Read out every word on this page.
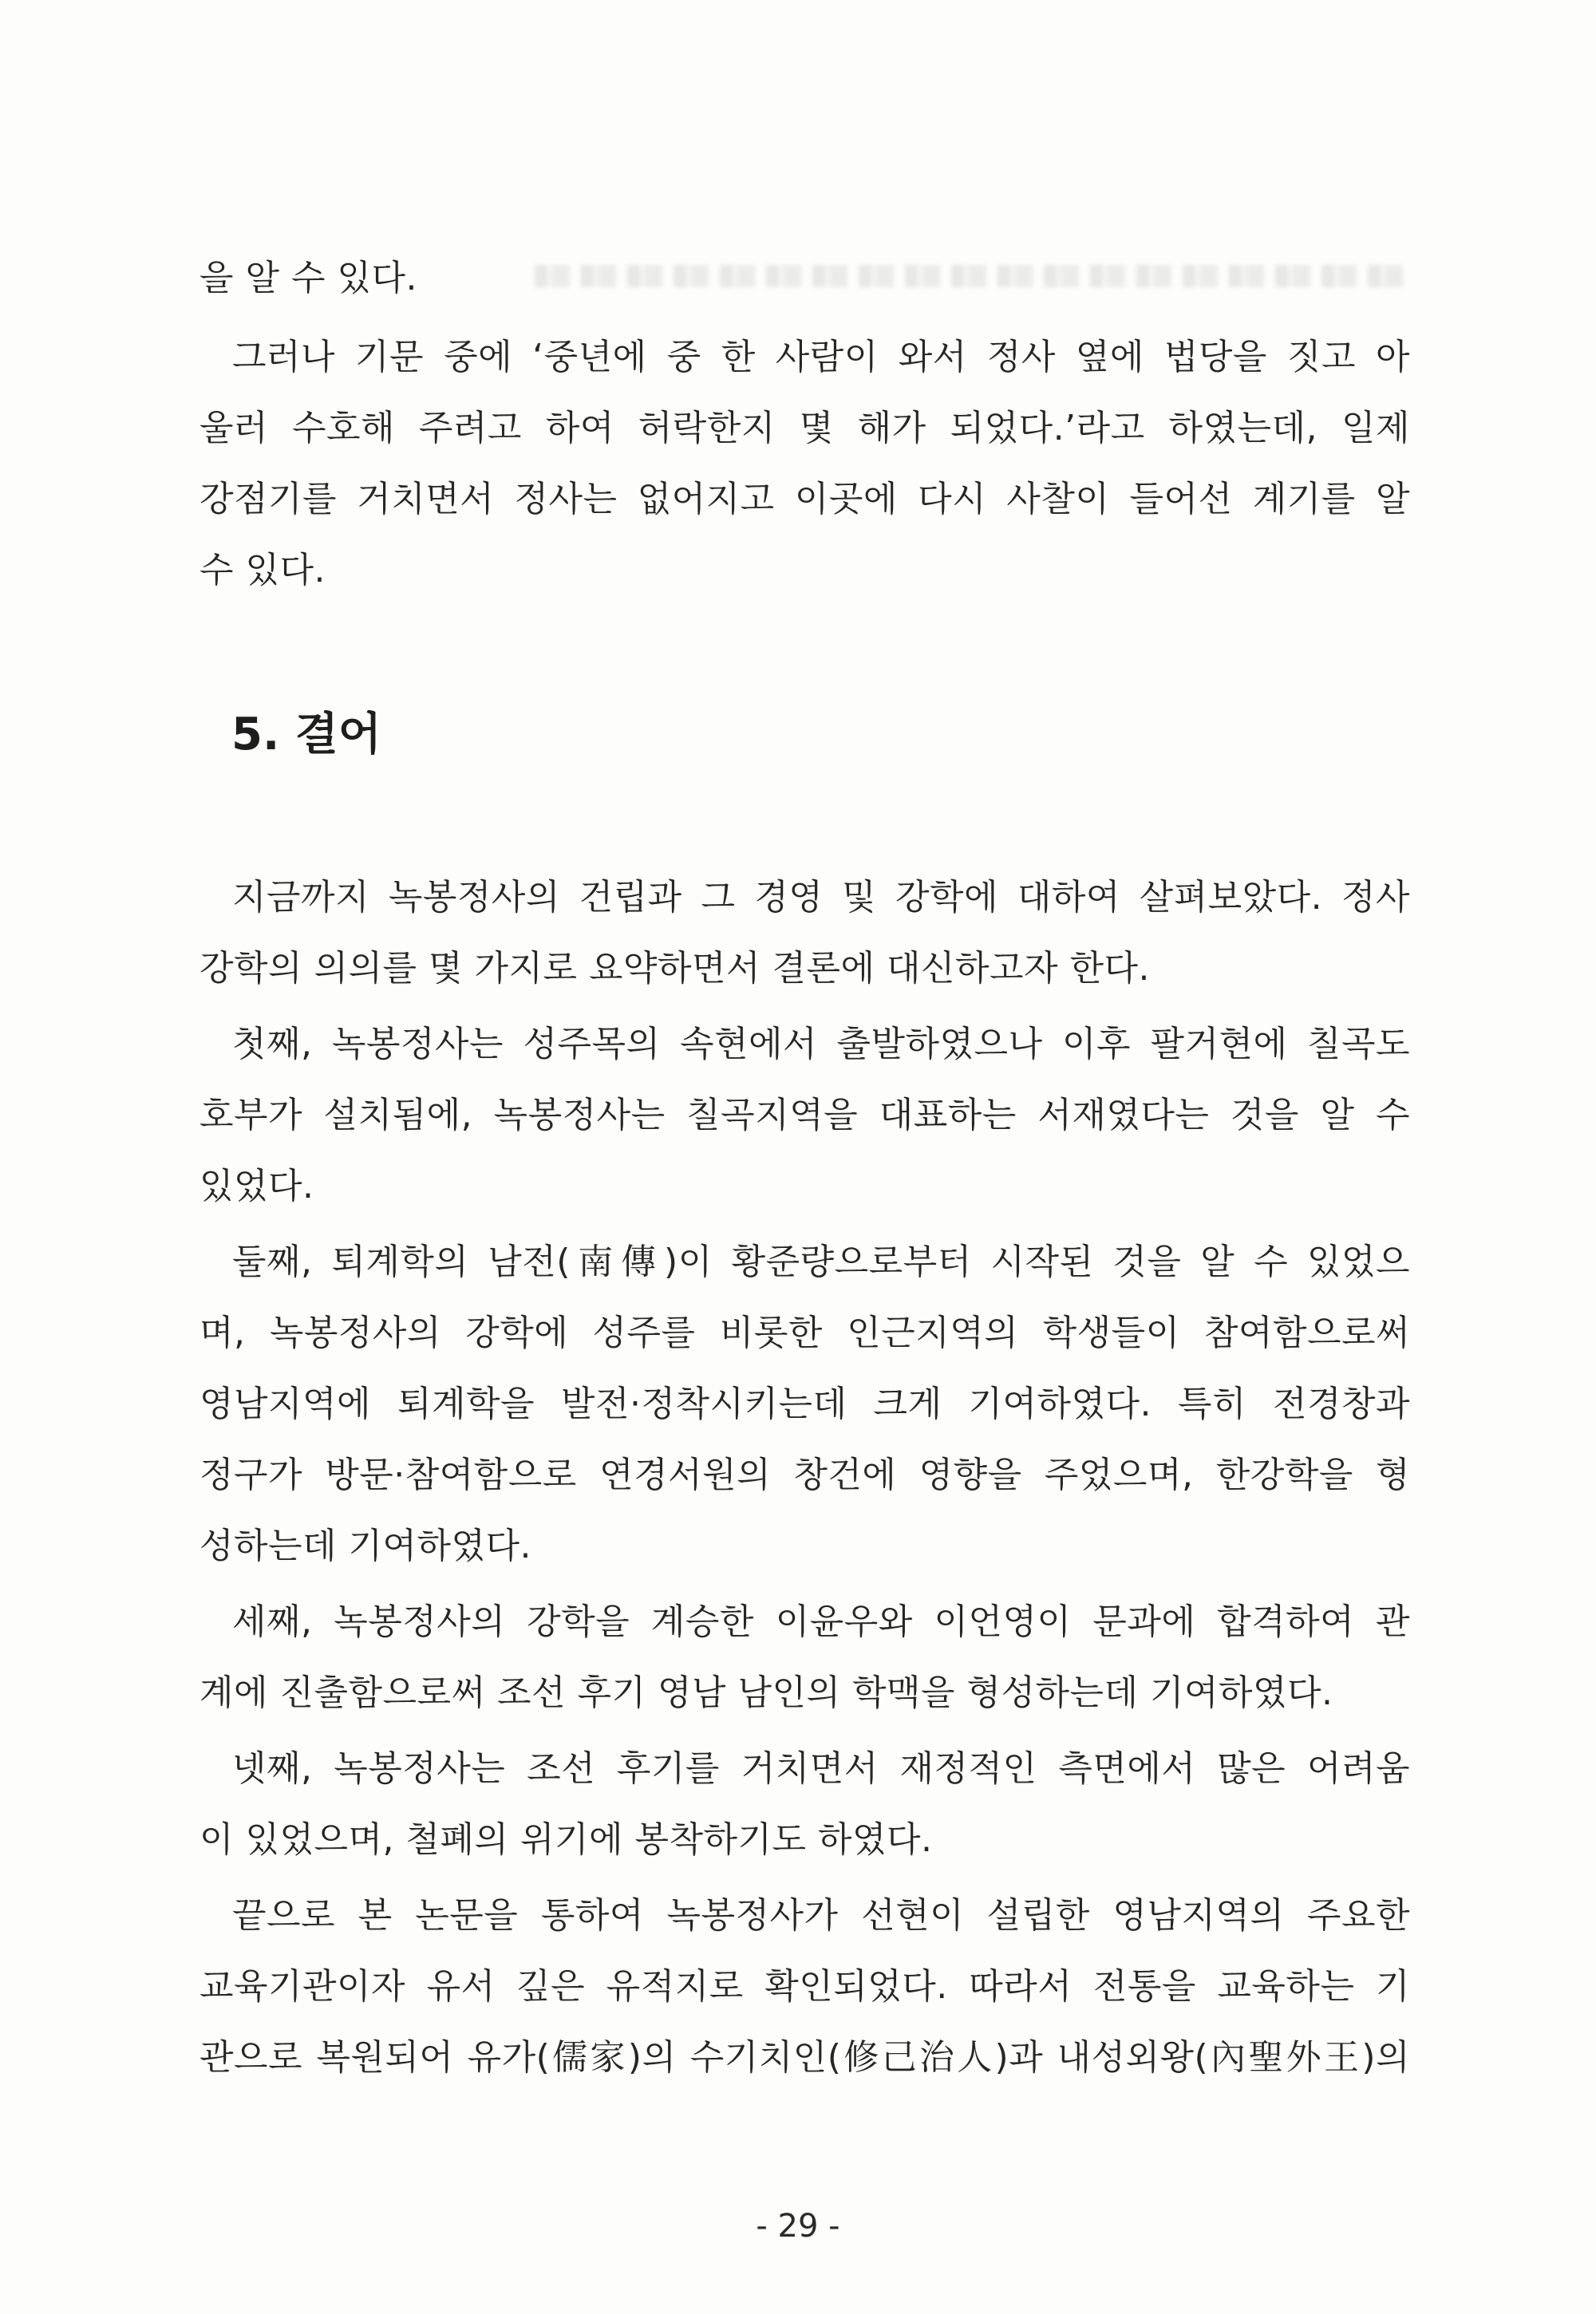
을 알 수 있다.
그러나 기문 중에 ‘중년에 중 한 사람이 와서 정사 옆에 법당을 짓고 아
울러 수호해 주려고 하여 허락한지 몇 해가 되었다.’라고 하였는데, 일제
강점기를 거치면서 정사는 없어지고 이곳에 다시 사찰이 들어선 계기를 알
수 있다.
5. 결어
지금까지 녹봉정사의 건립과 그 경영 및 강학에 대하여 살펴보았다. 정사
강학의 의의를 몇 가지로 요약하면서 결론에 대신하고자 한다.
첫째, 녹봉정사는 성주목의 속현에서 출발하였으나 이후 팔거현에 칠곡도
호부가 설치됨에, 녹봉정사는 칠곡지역을 대표하는 서재였다는 것을 알 수
있었다.
둘째, 퇴계학의 남전(南傳)이 황준량으로부터 시작된 것을 알 수 있었으
며, 녹봉정사의 강학에 성주를 비롯한 인근지역의 학생들이 참여함으로써
영남지역에 퇴계학을 발전·정착시키는데 크게 기여하였다. 특히 전경창과
정구가 방문·참여함으로 연경서원의 창건에 영향을 주었으며, 한강학을 형
성하는데 기여하였다.
세째, 녹봉정사의 강학을 계승한 이윤우와 이언영이 문과에 합격하여 관
계에 진출함으로써 조선 후기 영남 남인의 학맥을 형성하는데 기여하였다.
넷째, 녹봉정사는 조선 후기를 거치면서 재정적인 측면에서 많은 어려움
이 있었으며, 철폐의 위기에 봉착하기도 하였다.
끝으로 본 논문을 통하여 녹봉정사가 선현이 설립한 영남지역의 주요한
교육기관이자 유서 깊은 유적지로 확인되었다. 따라서 전통을 교육하는 기
관으로 복원되어 유가(儒家)의 수기치인(修己治人)과 내성외왕(內聖外王)의
- 29 -
